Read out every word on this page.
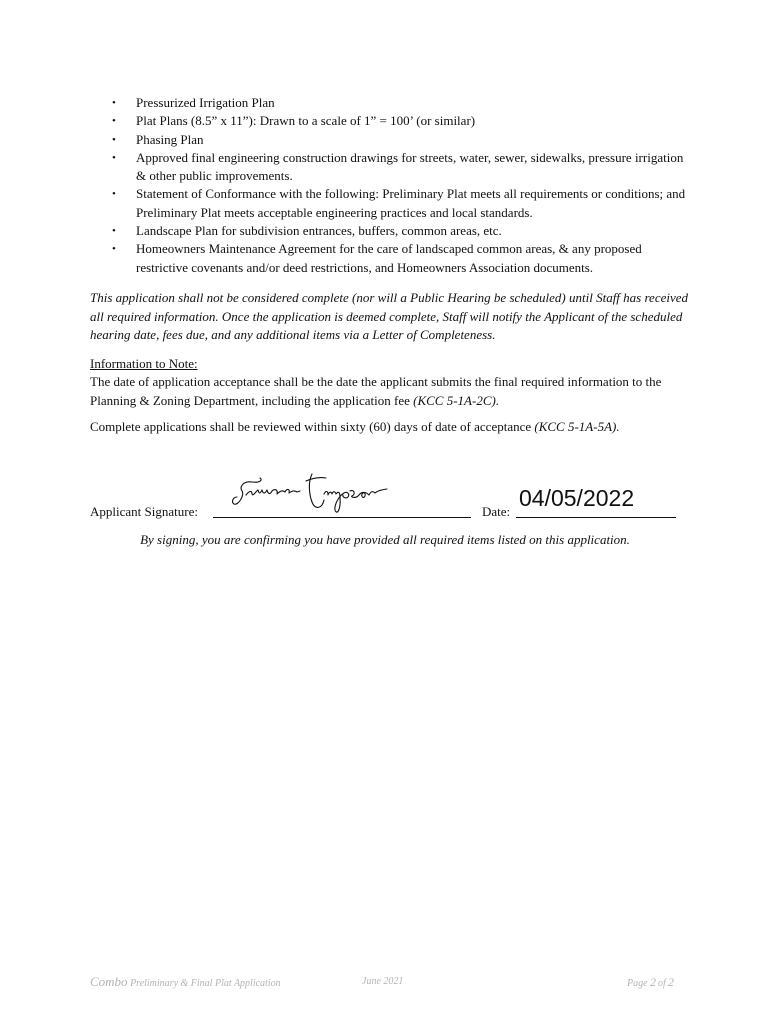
• Pressurized Irrigation Plan
• Plat Plans (8.5” x 11”): Drawn to a scale of 1” = 100’ (or similar)
• Phasing Plan
• Approved final engineering construction drawings for streets, water, sewer, sidewalks, pressure irrigation & other public improvements.
• Statement of Conformance with the following: Preliminary Plat meets all requirements or conditions; and Preliminary Plat meets acceptable engineering practices and local standards.
• Landscape Plan for subdivision entrances, buffers, common areas, etc.
• Homeowners Maintenance Agreement for the care of landscaped common areas, & any proposed restrictive covenants and/or deed restrictions, and Homeowners Association documents.
This application shall not be considered complete (nor will a Public Hearing be scheduled) until Staff has received all required information. Once the application is deemed complete, Staff will notify the Applicant of the scheduled hearing date, fees due, and any additional items via a Letter of Completeness.
Information to Note:
The date of application acceptance shall be the date the applicant submits the final required information to the Planning & Zoning Department, including the application fee (KCC 5-1A-2C).
Complete applications shall be reviewed within sixty (60) days of date of acceptance (KCC 5-1A-5A).
Applicant Signature:	Date:
04/05/2022
By signing, you are confirming you have provided all required items listed on this application.
Combo Preliminary & Final Plat Application	June 2021	Page 2 of 2
